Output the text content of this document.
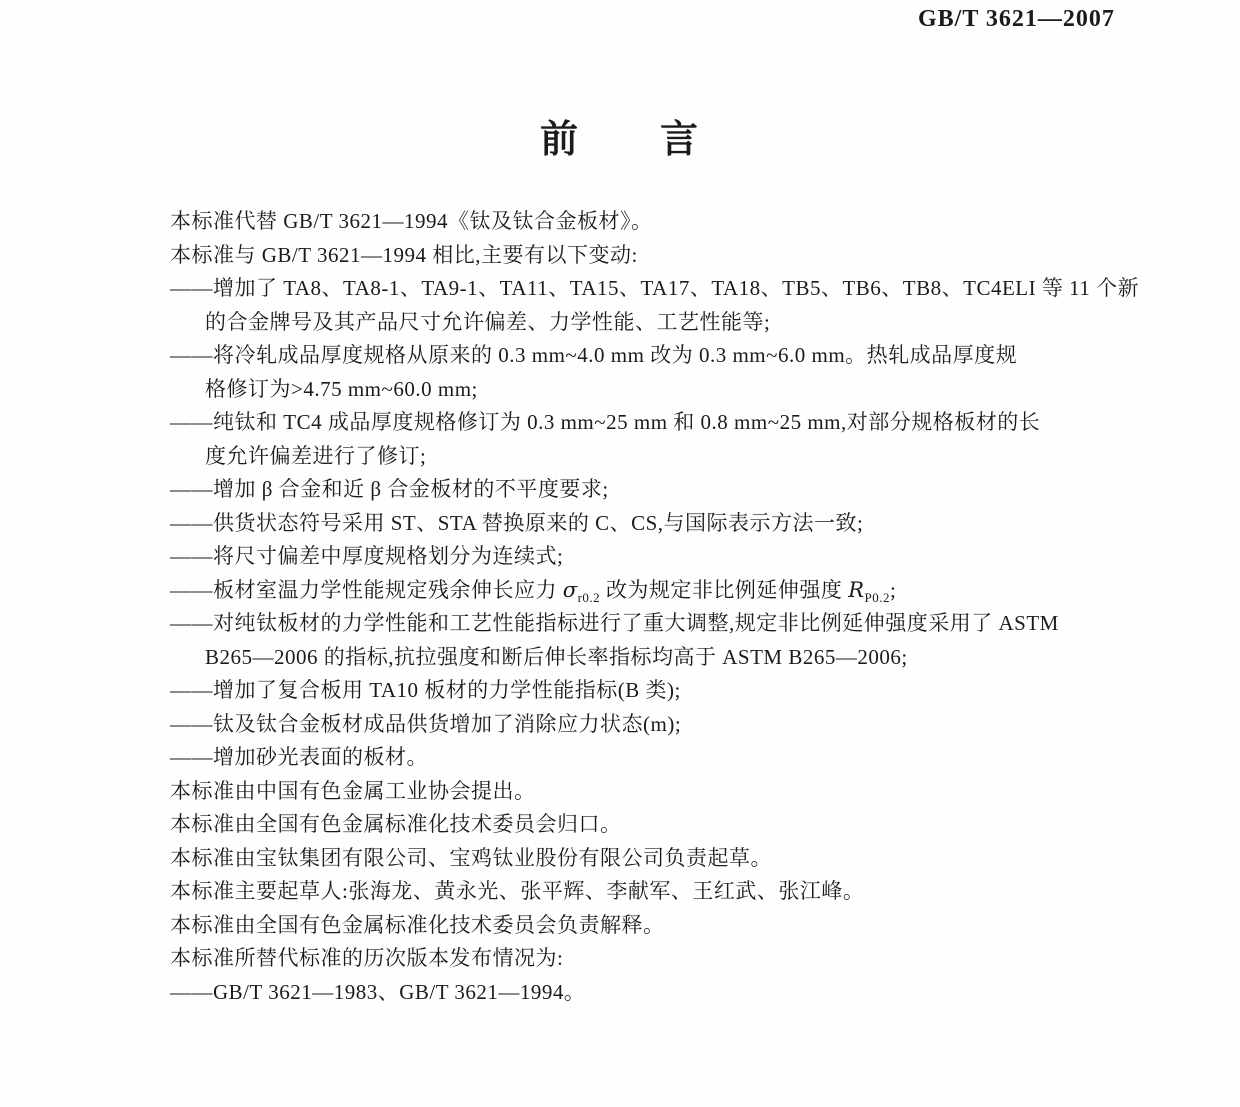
GB/T 3621—2007
前　　言
本标准代替 GB/T 3621—1994《钛及钛合金板材》。
本标准与 GB/T 3621—1994 相比,主要有以下变动:
——增加了 TA8、TA8-1、TA9-1、TA11、TA15、TA17、TA18、TB5、TB6、TB8、TC4ELI 等 11 个新
的合金牌号及其产品尺寸允许偏差、力学性能、工艺性能等;
——将冷轧成品厚度规格从原来的 0.3 mm~4.0 mm 改为 0.3 mm~6.0 mm。热轧成品厚度规
格修订为>4.75 mm~60.0 mm;
——纯钛和 TC4 成品厚度规格修订为 0.3 mm~25 mm 和 0.8 mm~25 mm,对部分规格板材的长
度允许偏差进行了修订;
——增加 β 合金和近 β 合金板材的不平度要求;
——供货状态符号采用 ST、STA 替换原来的 C、CS,与国际表示方法一致;
——将尺寸偏差中厚度规格划分为连续式;
——板材室温力学性能规定残余伸长应力 $\sigma_{r0.2}$ 改为规定非比例延伸强度 $R_{P0.2}$;
——对纯钛板材的力学性能和工艺性能指标进行了重大调整,规定非比例延伸强度采用了 ASTM
B265—2006 的指标,抗拉强度和断后伸长率指标均高于 ASTM B265—2006;
——增加了复合板用 TA10 板材的力学性能指标(B 类);
——钛及钛合金板材成品供货增加了消除应力状态(m);
——增加砂光表面的板材。
本标准由中国有色金属工业协会提出。
本标准由全国有色金属标准化技术委员会归口。
本标准由宝钛集团有限公司、宝鸡钛业股份有限公司负责起草。
本标准主要起草人:张海龙、黄永光、张平辉、李献军、王红武、张江峰。
本标准由全国有色金属标准化技术委员会负责解释。
本标准所替代标准的历次版本发布情况为:
——GB/T 3621—1983、GB/T 3621—1994。
